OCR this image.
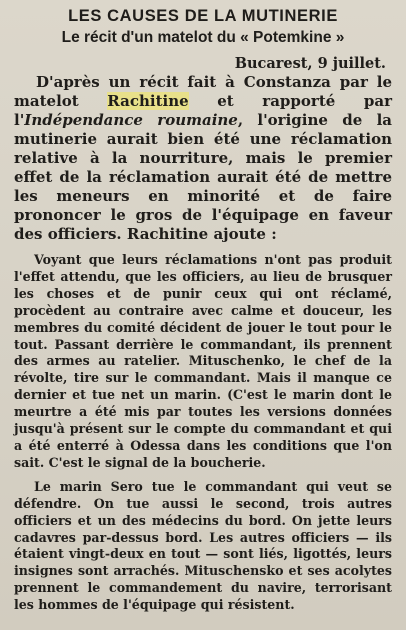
LES CAUSES DE LA MUTINERIE
Le récit d'un matelot du « Potemkine »
Bucarest, 9 juillet.

D'après un récit fait à Constanza par le matelot Rachitine et rapporté par l'Indépendance roumaine, l'origine de la mutinerie aurait bien été une réclamation relative à la nourriture, mais le premier effet de la réclamation aurait été de mettre les meneurs en minorité et de faire prononcer le gros de l'équipage en faveur des officiers. Rachitine ajoute :

Voyant que leurs réclamations n'ont pas produit l'effet attendu, que les officiers, au lieu de brusquer les choses et de punir ceux qui ont réclamé, procèdent au contraire avec calme et douceur, les membres du comité décident de jouer le tout pour le tout. Passant derrière le commandant, ils prennent des armes au ratelier. Mituschenko, le chef de la révolte, tire sur le commandant. Mais il manque ce dernier et tue net un marin. (C'est le marin dont le meurtre a été mis par toutes les versions données jusqu'à présent sur le compte du commandant et qui a été enterré à Odessa dans les conditions que l'on sait. C'est le signal de la boucherie.

Le marin Sero tue le commandant qui veut se défendre. On tue aussi le second, trois autres officiers et un des médecins du bord. On jette leurs cadavres par-dessus bord. Les autres officiers — ils étaient vingt-deux en tout — sont liés, ligottés, leurs insignes sont arrachés. Mituschensko et ses acolytes prennent le commandement du navire, terrorisant les hommes de l'équipage qui résistent.
